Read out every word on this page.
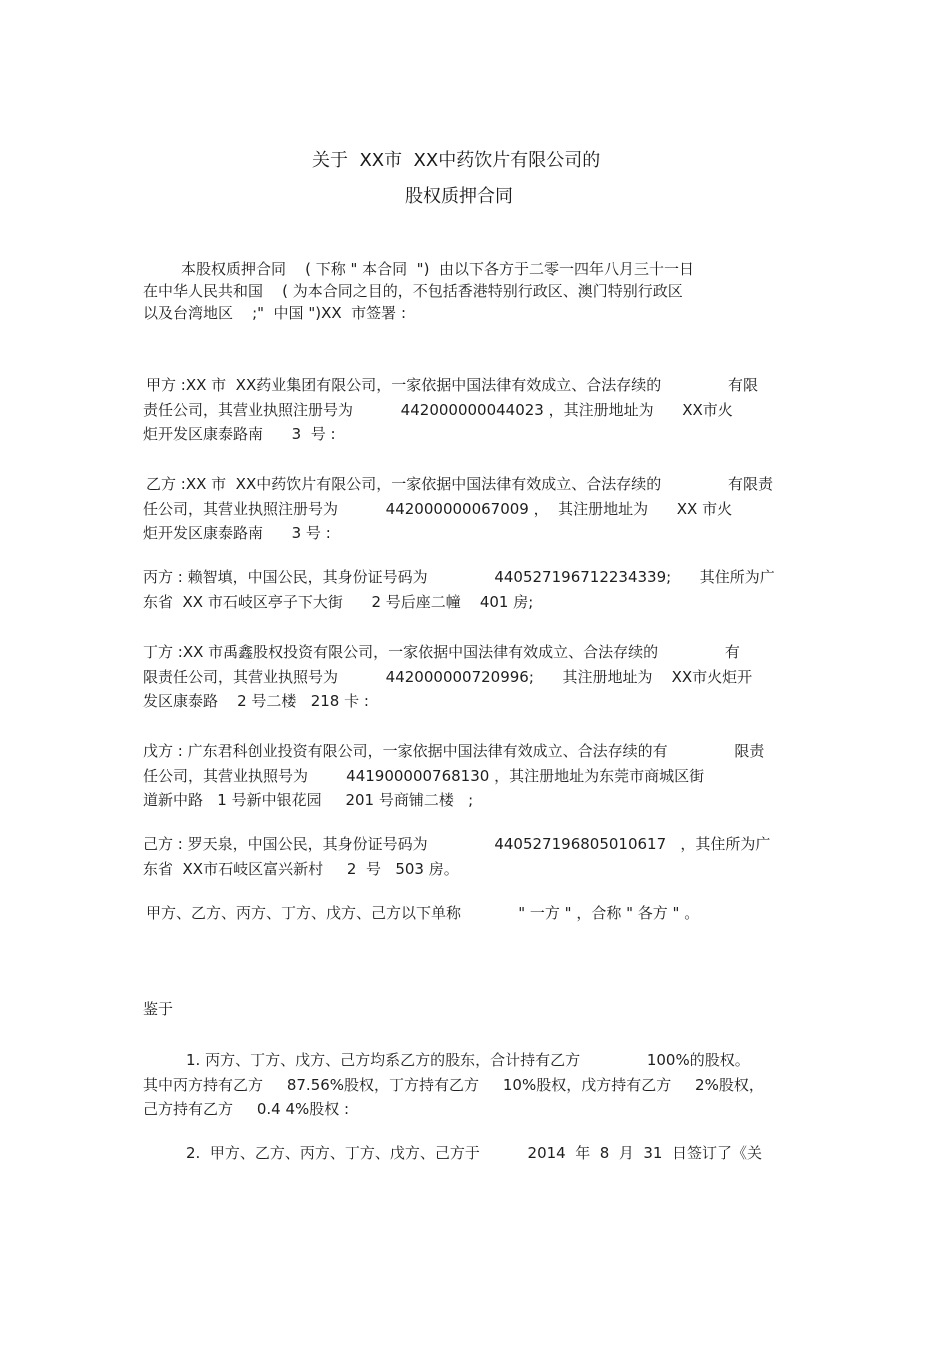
关于  XX市  XX中药饮片有限公司的
股权质押合同
本股权质押合同    ( 下称 " 本合同  ")  由以下各方于二零一四年八月三十一日
在中华人民共和国    ( 为本合同之目的，不包括香港特别行政区、澳门特别行政区
以及台湾地区    ;"  中国 ")XX  市签署 :
甲方 :XX 市  XX药业集团有限公司，一家依据中国法律有效成立、合法存续的              有限
责任公司，其营业执照注册号为          442000000044023 ，其注册地址为      XX市火
炬开发区康泰路南      3  号 :
乙方 :XX 市  XX中药饮片有限公司，一家依据中国法律有效成立、合法存续的              有限责
任公司，其营业执照注册号为          442000000067009 ，  其注册地址为      XX 市火
炬开发区康泰路南      3 号 :
丙方 : 赖智填，中国公民，其身份证号码为              440527196712234339;      其住所为广
东省  XX 市石岐区亭子下大街      2 号后座二幢    401 房;
丁方 :XX 市禹鑫股权投资有限公司，一家依据中国法律有效成立、合法存续的              有
限责任公司，其营业执照号为          442000000720996;      其注册地址为    XX市火炬开
发区康泰路    2 号二楼   218 卡 :
戊方 : 广东君科创业投资有限公司，一家依据中国法律有效成立、合法存续的有              限责
任公司，其营业执照号为        441900000768130 ，其注册地址为东莞市商城区街
道新中路   1 号新中银花园     201 号商铺二楼   ;
己方 : 罗天泉，中国公民，其身份证号码为              440527196805010617   ，其住所为广
东省  XX市石岐区富兴新村     2  号   503 房。
甲方、乙方、丙方、丁方、戊方、己方以下单称            " 一方 " ，合称 " 各方 " 。
鉴于
1. 丙方、丁方、戊方、己方均系乙方的股东，合计持有乙方              100%的股权。
其中丙方持有乙方     87.56%股权，丁方持有乙方     10%股权，戊方持有乙方     2%股权，
己方持有乙方     0.4 4%股权 :
2.  甲方、乙方、丙方、丁方、戊方、己方于          2014  年  8  月  31  日签订了《关
